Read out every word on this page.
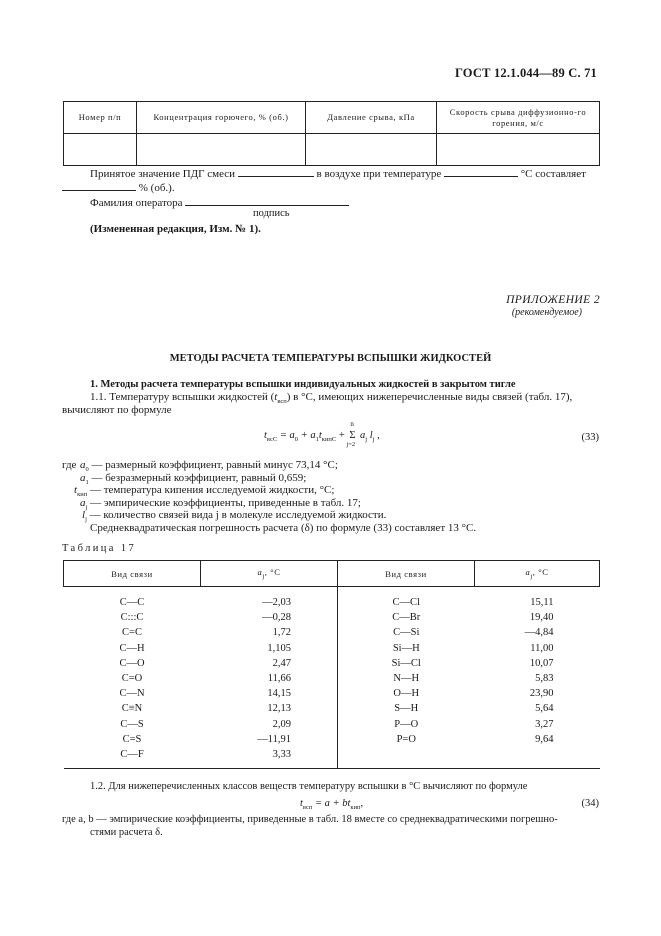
ГОСТ 12.1.044—89 С. 71
Номер п/п	Концентрация горючего, % (об.)	Давление срыва, кПа	Скорость срыва диффузионно-го горения, м/с

Принятое значение ПДГ смеси	в воздухе при температуре	°С составляет
% (об.).
Фамилия оператора
подпись
(Измененная редакция, Изм. № 1).
ПРИЛОЖЕНИЕ 2
(рекомендуемое)
МЕТОДЫ РАСЧЕТА ТЕМПЕРАТУРЫ ВСПЫШКИ ЖИДКОСТЕЙ
1. Методы расчета температуры вспышки индивидуальных жидкостей в закрытом тигле
1.1. Температуру вспышки жидкостей $(t_{всп})$ в °С, имеющих нижеперечисленные виды связей (табл. 17),
вычисляют по формуле
$t_{всС} = a_0 + a_1t_{кипС}$ +
n
Σ
j=2
$a_j$ $l_j$ ,	(33)
где $a_0$ — размерный коэффициент, равный минус 73,14 °С;
$a_1$ — безразмерный коэффициент, равный 0,659;
$t_{кип}$ — температура кипения исследуемой жидкости, °С;
$a_j$ — эмпирические коэффициенты, приведенные в табл. 17;
$l_j$ — количество связей вида j в молекуле исследуемой жидкости.
Среднеквадратическая погрешность расчета (δ) по формуле (33) составляет 13 °С.
Таблица 17
Вид связи	$a_j$, °С	Вид связи	$a_j$, °С
C—C	—2,03	C—Cl	15,11
C:::C	—0,28	C—Br	19,40
C=C	1,72	C—Si	—4,84
C—H	1,105	Si—H	11,00
C—O	2,47	Si—Cl	10,07
C=O	11,66	N—H	5,83
C—N	14,15	O—H	23,90
C≡N	12,13	S—H	5,64
C—S	2,09	P—O	3,27
C=S	—11,91	P=O	9,64
C—F	3,33		
1.2. Для нижеперечисленных классов веществ температуру вспышки в °С вычисляют по формуле
$t_{всп} = a + bt_{кип}$,	(34)
где a, b — эмпирические коэффициенты, приведенные в табл. 18 вместе со среднеквадратическими погрешно-
стями расчета δ.
